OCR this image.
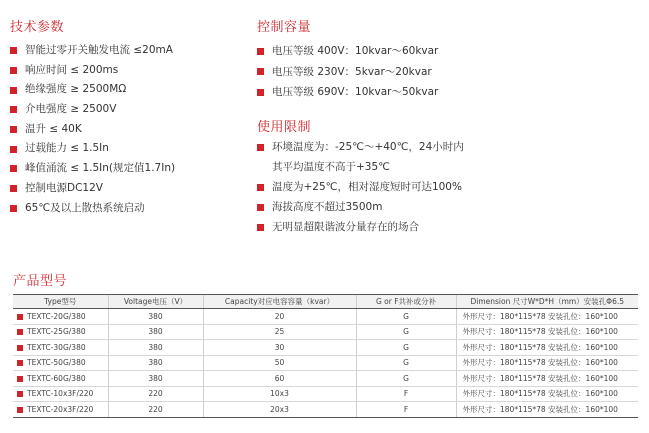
技术参数
智能过零开关触发电流 ≤20mA
响应时间 ≤ 200ms
绝缘强度 ≥ 2500MΩ
介电强度 ≥ 2500V
温升 ≤ 40K
过载能力 ≤ 1.5In
峰值涌流 ≤ 1.5In(规定值1.7In)
控制电源DC12V
65℃及以上散热系统启动
控制容量
电压等级 400V：10kvar～60kvar
电压等级 230V：5kvar～20kvar
电压等级 690V：10kvar～50kvar
使用限制
环境温度为：-25℃～+40℃，24小时内
其平均温度不高于+35℃
温度为+25℃，相对湿度短时可达100%
海拔高度不超过3500m
无明显超限谐波分量存在的场合
产品型号
Type型号	Voltage电压（V）	Capacity对应电容容量（kvar）	G or F共补或分补	Dimension 尺寸W*D*H（mm）安装孔Φ6.5
TEXTC-20G/380	380	20	G	外形尺寸：180*115*78 安装孔位：160*100
TEXTC-25G/380	380	25	G	外形尺寸：180*115*78 安装孔位：160*100
TEXTC-30G/380	380	30	G	外形尺寸：180*115*78 安装孔位：160*100
TEXTC-50G/380	380	50	G	外形尺寸：180*115*78 安装孔位：160*100
TEXTC-60G/380	380	60	G	外形尺寸：180*115*78 安装孔位：160*100
TEXTC-10x3F/220	220	10x3	F	外形尺寸：180*115*78 安装孔位：160*100
TEXTC-20x3F/220	220	20x3	F	外形尺寸：180*115*78 安装孔位：160*100
